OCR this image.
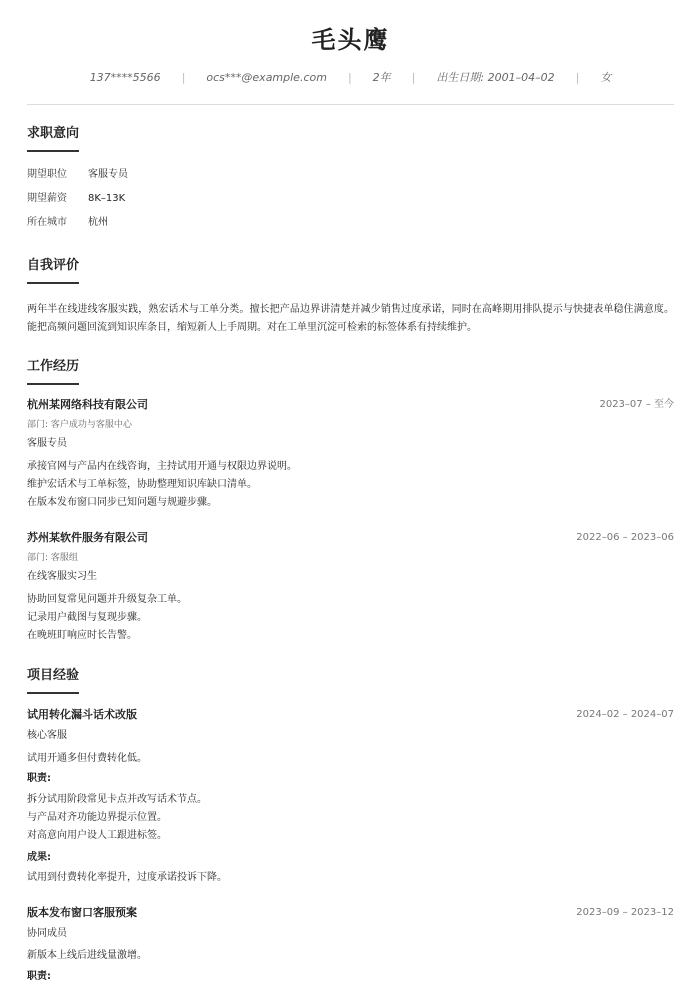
毛头鹰
137****5566 | ocs***@example.com | 2年 | 出生日期: 2001–04–02 | 女
求职意向
期望职位 客服专员
期望薪资 8K–13K
所在城市 杭州
自我评价
两年半在线进线客服实践，熟宏话术与工单分类。擅长把产品边界讲清楚并减少销售过度承诺，同时在高峰期用排队提示与快捷表单稳住满意度。能把高频问题回流到知识库条目，缩短新人上手周期。对在工单里沉淀可检索的标签体系有持续维护。
工作经历
杭州某网络科技有限公司	2023–07 – 至今
部门: 客户成功与客服中心
客服专员
承接官网与产品内在线咨询，主持试用开通与权限边界说明。
维护宏话术与工单标签，协助整理知识库缺口清单。
在版本发布窗口同步已知问题与规避步骤。
苏州某软件服务有限公司	2022–06 – 2023–06
部门: 客服组
在线客服实习生
协助回复常见问题并升级复杂工单。
记录用户截图与复现步骤。
在晚班盯响应时长告警。
项目经验
试用转化漏斗话术改版	2024–02 – 2024–07
核心客服
试用开通多但付费转化低。
职责:
拆分试用阶段常见卡点并改写话术节点。
与产品对齐功能边界提示位置。
对高意向用户设人工跟进标签。
成果:
试用到付费转化率提升，过度承诺投诉下降。
版本发布窗口客服预案	2023–09 – 2023–12
协同成员
新版本上线后进线量激增。
职责:
